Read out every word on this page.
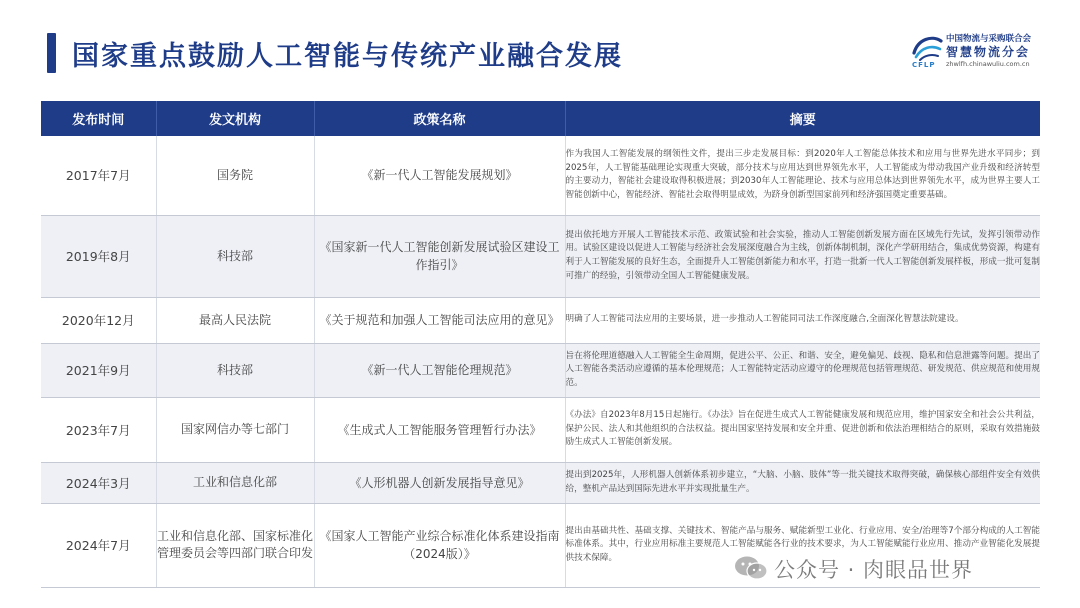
国家重点鼓励人工智能与传统产业融合发展	CFLP
中国物流与采购联合会
智慧物流分会
zhwlfh.chinawuliu.com.cn
发布时间	发文机构	政策名称	摘要
2017年7月	国务院	《新一代人工智能发展规划》	作为我国人工智能发展的纲领性文件，提出三步走发展目标：到2020年人工智能总体技术和应用与世界先进水平同步；到2025年，人工智能基础理论实现重大突破，部分技术与应用达到世界领先水平，人工智能成为带动我国产业升级和经济转型的主要动力，智能社会建设取得积极进展；到2030年人工智能理论、技术与应用总体达到世界领先水平，成为世界主要人工智能创新中心，智能经济、智能社会取得明显成效，为跻身创新型国家前列和经济强国奠定重要基础。
2019年8月	科技部	《国家新一代人工智能创新发展试验区建设工作指引》	提出依托地方开展人工智能技术示范、政策试验和社会实验，推动人工智能创新发展方面在区域先行先试，发挥引领带动作用。试验区建设以促进人工智能与经济社会发展深度融合为主线，创新体制机制，深化产学研用结合，集成优势资源，构建有利于人工智能发展的良好生态，全面提升人工智能创新能力和水平，打造一批新一代人工智能创新发展样板，形成一批可复制可推广的经验，引领带动全国人工智能健康发展。
2020年12月	最高人民法院	《关于规范和加强人工智能司法应用的意见》	明确了人工智能司法应用的主要场景，进一步推动人工智能同司法工作深度融合,全面深化智慧法院建设。
2021年9月	科技部	《新一代人工智能伦理规范》	旨在将伦理道德融入人工智能全生命周期，促进公平、公正、和谐、安全，避免偏见、歧视、隐私和信息泄露等问题。提出了人工智能各类活动应遵循的基本伦理规范；人工智能特定活动应遵守的伦理规范包括管理规范、研发规范、供应规范和使用规范。
2023年7月	国家网信办等七部门	《生成式人工智能服务管理暂行办法》	《办法》自2023年8月15日起施行。《办法》旨在促进生成式人工智能健康发展和规范应用，维护国家安全和社会公共利益，保护公民、法人和其他组织的合法权益。提出国家坚持发展和安全并重、促进创新和依法治理相结合的原则，采取有效措施鼓励生成式人工智能创新发展。
2024年3月	工业和信息化部	《人形机器人创新发展指导意见》	提出到2025年，人形机器人创新体系初步建立，“大脑、小脑、肢体”等一批关键技术取得突破，确保核心部组件安全有效供给，整机产品达到国际先进水平并实现批量生产。
2024年7月	工业和信息化部、国家标准化管理委员会等四部门联合印发	《国家人工智能产业综合标准化体系建设指南（2024版）》	提出由基础共性、基础支撑、关键技术、智能产品与服务、赋能新型工业化、行业应用、安全/治理等7个部分构成的人工智能标准体系。其中，行业应用标准主要规范人工智能赋能各行业的技术要求，为人工智能赋能行业应用、推动产业智能化发展提供技术保障。
公众号 · 肉眼品世界
